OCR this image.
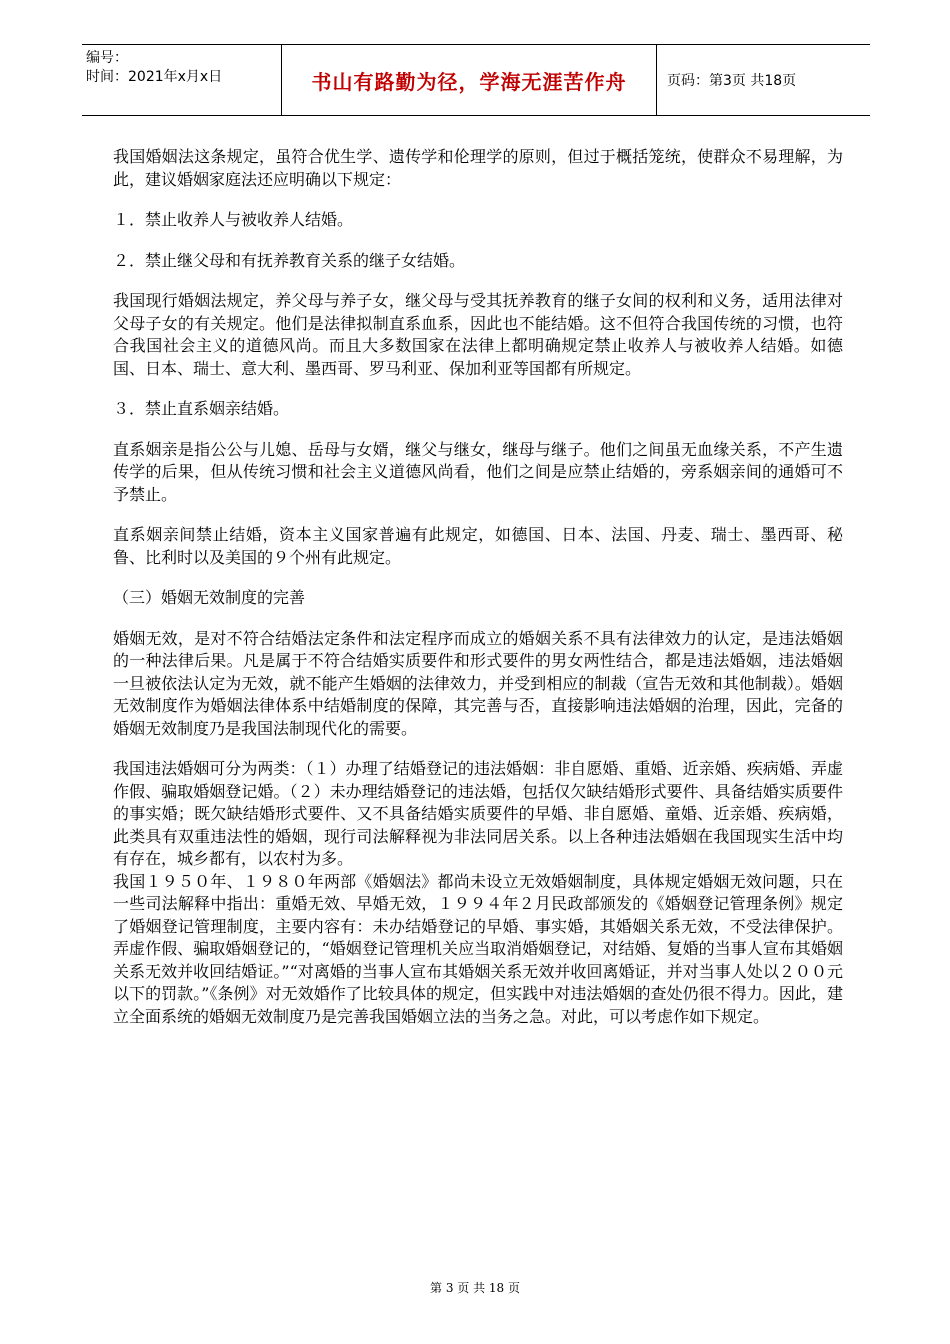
编号：
时间：2021年x月x日	书山有路勤为径，学海无涯苦作舟	页码：第3页 共18页

我国婚姻法这条规定，虽符合优生学、遗传学和伦理学的原则，但过于概括笼统，使群众不易理解，为此，建议婚姻家庭法还应明确以下规定：

１．禁止收养人与被收养人结婚。

２．禁止继父母和有抚养教育关系的继子女结婚。

我国现行婚姻法规定，养父母与养子女，继父母与受其抚养教育的继子女间的权利和义务，适用法律对父母子女的有关规定。他们是法律拟制直系血系，因此也不能结婚。这不但符合我国传统的习惯，也符合我国社会主义的道德风尚。而且大多数国家在法律上都明确规定禁止收养人与被收养人结婚。如德国、日本、瑞士、意大利、墨西哥、罗马利亚、保加利亚等国都有所规定。

３．禁止直系姻亲结婚。

直系姻亲是指公公与儿媳、岳母与女婿，继父与继女，继母与继子。他们之间虽无血缘关系，不产生遗传学的后果，但从传统习惯和社会主义道德风尚看，他们之间是应禁止结婚的，旁系姻亲间的通婚可不予禁止。

直系姻亲间禁止结婚，资本主义国家普遍有此规定，如德国、日本、法国、丹麦、瑞士、墨西哥、秘鲁、比利时以及美国的９个州有此规定。

（三）婚姻无效制度的完善

婚姻无效，是对不符合结婚法定条件和法定程序而成立的婚姻关系不具有法律效力的认定，是违法婚姻的一种法律后果。凡是属于不符合结婚实质要件和形式要件的男女两性结合，都是违法婚姻，违法婚姻一旦被依法认定为无效，就不能产生婚姻的法律效力，并受到相应的制裁（宣告无效和其他制裁）。婚姻无效制度作为婚姻法律体系中结婚制度的保障，其完善与否，直接影响违法婚姻的治理，因此，完备的婚姻无效制度乃是我国法制现代化的需要。

我国违法婚姻可分为两类：（１）办理了结婚登记的违法婚姻：非自愿婚、重婚、近亲婚、疾病婚、弄虚作假、骗取婚姻登记婚。（２）未办理结婚登记的违法婚，包括仅欠缺结婚形式要件、具备结婚实质要件的事实婚；既欠缺结婚形式要件、又不具备结婚实质要件的早婚、非自愿婚、童婚、近亲婚、疾病婚，此类具有双重违法性的婚姻，现行司法解释视为非法同居关系。以上各种违法婚姻在我国现实生活中均有存在，城乡都有，以农村为多。

我国１９５０年、１９８０年两部《婚姻法》都尚未设立无效婚姻制度，具体规定婚姻无效问题，只在一些司法解释中指出：重婚无效、早婚无效，１９９４年２月民政部颁发的《婚姻登记管理条例》规定了婚姻登记管理制度，主要内容有：未办结婚登记的早婚、事实婚，其婚姻关系无效，不受法律保护。弄虚作假、骗取婚姻登记的，“婚姻登记管理机关应当取消婚姻登记，对结婚、复婚的当事人宣布其婚姻关系无效并收回结婚证。”“对离婚的当事人宣布其婚姻关系无效并收回离婚证，并对当事人处以２００元以下的罚款。”《条例》对无效婚作了比较具体的规定，但实践中对违法婚姻的查处仍很不得力。因此，建立全面系统的婚姻无效制度乃是完善我国婚姻立法的当务之急。对此，可以考虑作如下规定。

第 3 页 共 18 页
